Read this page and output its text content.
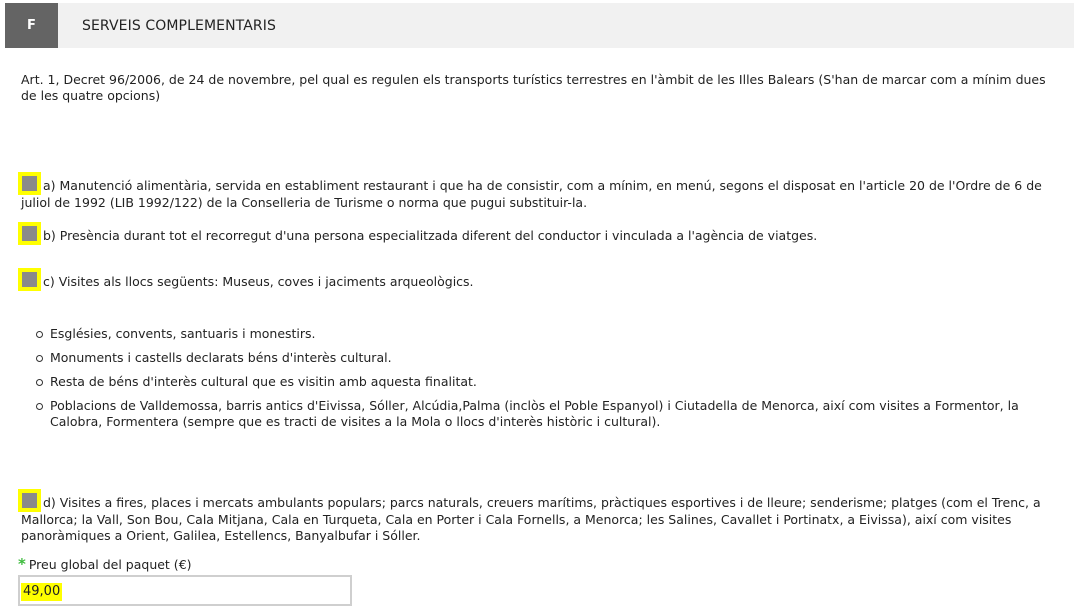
F	SERVEIS COMPLEMENTARIS
Art. 1, Decret 96/2006, de 24 de novembre, pel qual es regulen els transports turístics terrestres en l'àmbit de les Illes Balears (S'han de marcar com a mínim dues de les quatre opcions)
a) Manutenció alimentària, servida en establiment restaurant i que ha de consistir, com a mínim, en menú, segons el disposat en l'article 20 de l'Ordre de 6 de juliol de 1992 (LIB 1992/122) de la Conselleria de Turisme o norma que pugui substituir-la.
b) Presència durant tot el recorregut d'una persona especialitzada diferent del conductor i vinculada a l'agència de viatges.
c) Visites als llocs següents: Museus, coves i jaciments arqueològics.
Esglésies, convents, santuaris i monestirs.
Monuments i castells declarats béns d'interès cultural.
Resta de béns d'interès cultural que es visitin amb aquesta finalitat.
Poblacions de Valldemossa, barris antics d'Eivissa, Sóller, Alcúdia,Palma (inclòs el Poble Espanyol) i Ciutadella de Menorca, així com visites a Formentor, la Calobra, Formentera (sempre que es tracti de visites a la Mola o llocs d'interès històric i cultural).
d) Visites a fires, places i mercats ambulants populars; parcs naturals, creuers marítims, pràctiques esportives i de lleure; senderisme; platges (com el Trenc, a Mallorca; la Vall, Son Bou, Cala Mitjana, Cala en Turqueta, Cala en Porter i Cala Fornells, a Menorca; les Salines, Cavallet i Portinatx, a Eivissa), així com visites panoràmiques a Orient, Galilea, Estellencs, Banyalbufar i Sóller.
* Preu global del paquet (€)
49,00
